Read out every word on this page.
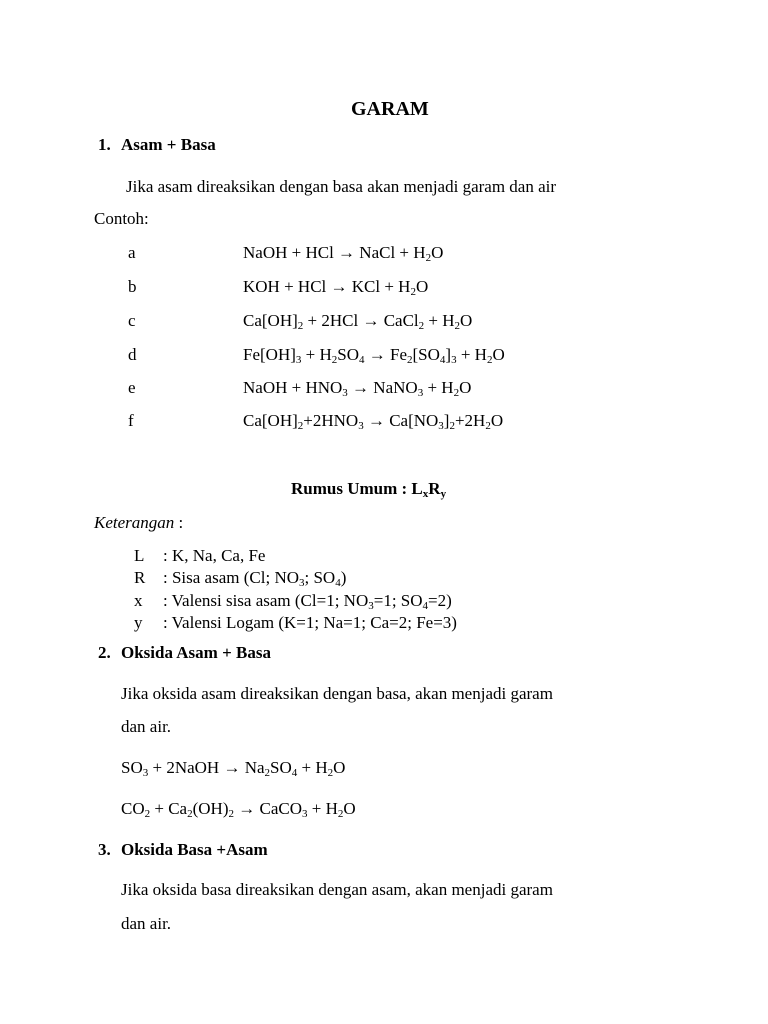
GARAM
1. Asam + Basa
Jika asam direaksikan dengan basa akan menjadi garam dan air
Contoh:
a	NaOH + HCl → NaCl + $H_2O$
b	KOH + HCl → KCl + $H_2O$
c	$Ca[OH]_2 + 2HCl$ → CaCl$_2$ + $H_2O$
d	$Fe[OH]_3 + H_2SO_4 \to Fe_2[SO_4]_3 + H_2O$
e	NaOH + $HNO_3$ → NaNO$_3$ + $H_2O$
f	$Ca[OH]_2+2HNO_3 \to Ca[NO_3]_2+2H_2O$
Rumus Umum : $L_xR_y$
Keterangan :
L : K, Na, Ca, Fe
R : Sisa asam (Cl; $NO_3$; $SO_4$)
x : Valensi sisa asam (Cl=1; $NO_3=1$; $SO_4=2$)
y : Valensi Logam (K=1; Na=1; Ca=2; Fe=3)
2. Oksida Asam + Basa
Jika oksida asam direaksikan dengan basa, akan menjadi garam
dan air.
$SO_3$ + 2NaOH → $Na_2SO_4 + H_2O$
$CO_2 + Ca_2(OH)_2$ → CaCO$_3$ + $H_2O$
3. Oksida Basa +Asam
Jika oksida basa direaksikan dengan asam, akan menjadi garam
dan air.
